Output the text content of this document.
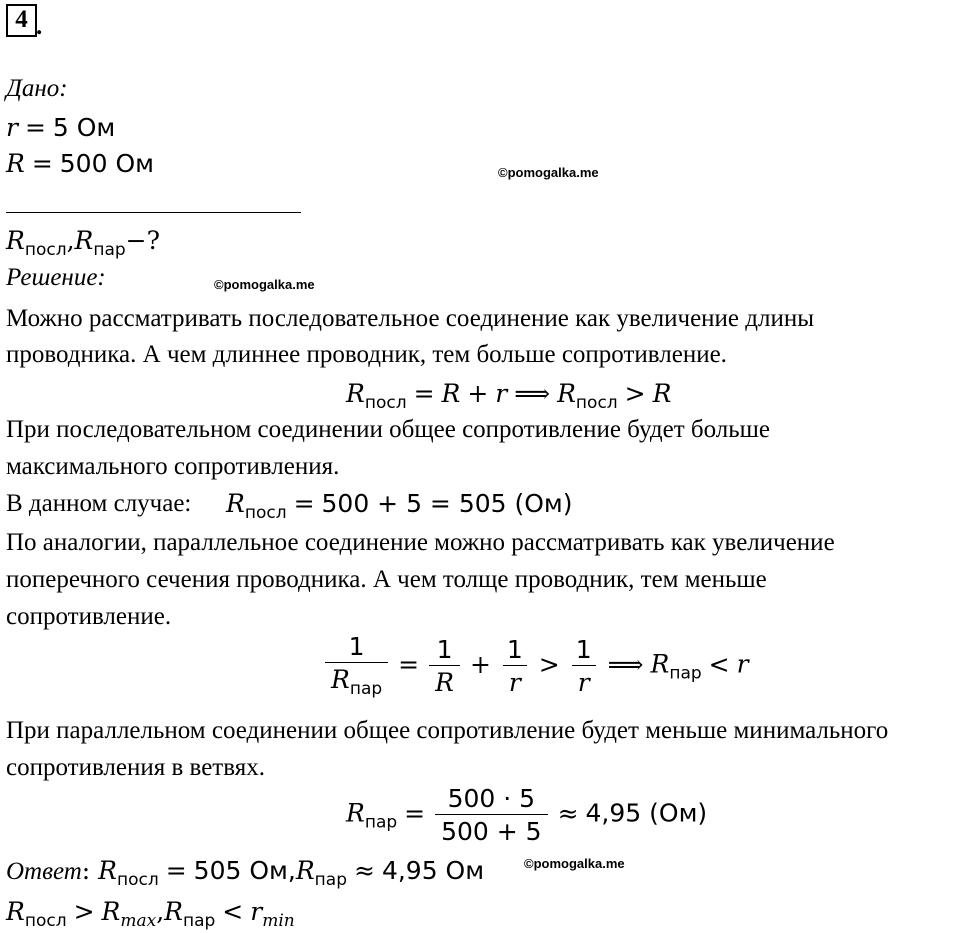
4 .
Дано:
r = 5 Ом
R = 500 Ом	©pomogalka.me
$R_{посл},R_{пар}-$?
Решение:	©pomogalka.me
Можно рассматривать последовательное соединение как увеличение длины
проводника. А чем длиннее проводник, тем больше сопротивление.
$R_{посл} = R + r$ ⟹ $R_{посл} > R$
При последовательном соединении общее сопротивление будет больше
максимального сопротивления.
В данном случае: $R_{посл} = 500 + 5 = 505$ (Ом)
По аналогии, параллельное соединение можно рассматривать как увеличение
поперечного сечения проводника. А чем толще проводник, тем меньше
сопротивление.
$\frac{1}{R_{пар}} = \frac{1}{R} + \frac{1}{r} > \frac{1}{r}$ ⟹ $R_{пар} < r$
При параллельном соединении общее сопротивление будет меньше минимального
сопротивления в ветвях.
$R_{пар} = \frac{500 \cdot 5}{500 + 5} \approx 4,95$ (Ом)
Ответ: $R_{посл} = 505$ $Ом,R_{пар} \approx 4,95$ Ом	©pomogalka.me
$R_{посл} > R_{max},R_{пар} < r_{min}$
